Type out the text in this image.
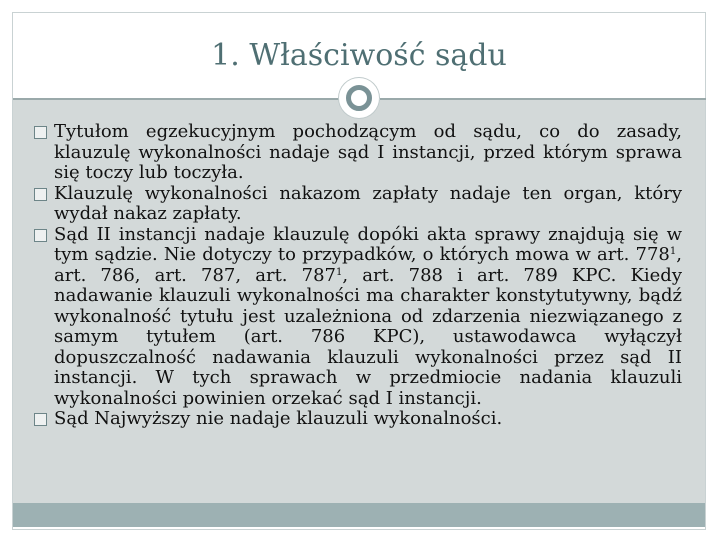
1. Właściwość sądu

Tytułom egzekucyjnym pochodzącym od sądu, co do zasady, klauzulę wykonalności nadaje sąd I instancji, przed którym sprawa się toczy lub toczyła.

Klauzulę wykonalności nakazom zapłaty nadaje ten organ, który wydał nakaz zapłaty.

Sąd II instancji nadaje klauzulę dopóki akta sprawy znajdują się w tym sądzie. Nie dotyczy to przypadków, o których mowa w art. $778^1$, art. 786, art. 787, art. $787^1$, art. 788 i art. 789 KPC. Kiedy nadawanie klauzuli wykonalności ma charakter konstytutywny, bądź wykonalność tytułu jest uzależniona od zdarzenia niezwiązanego z samym tytułem (art. 786 KPC), ustawodawca wyłączył dopuszczalność nadawania klauzuli wykonalności przez sąd II instancji. W tych sprawach w przedmiocie nadania klauzuli wykonalności powinien orzekać sąd I instancji.

Sąd Najwyższy nie nadaje klauzuli wykonalności.
